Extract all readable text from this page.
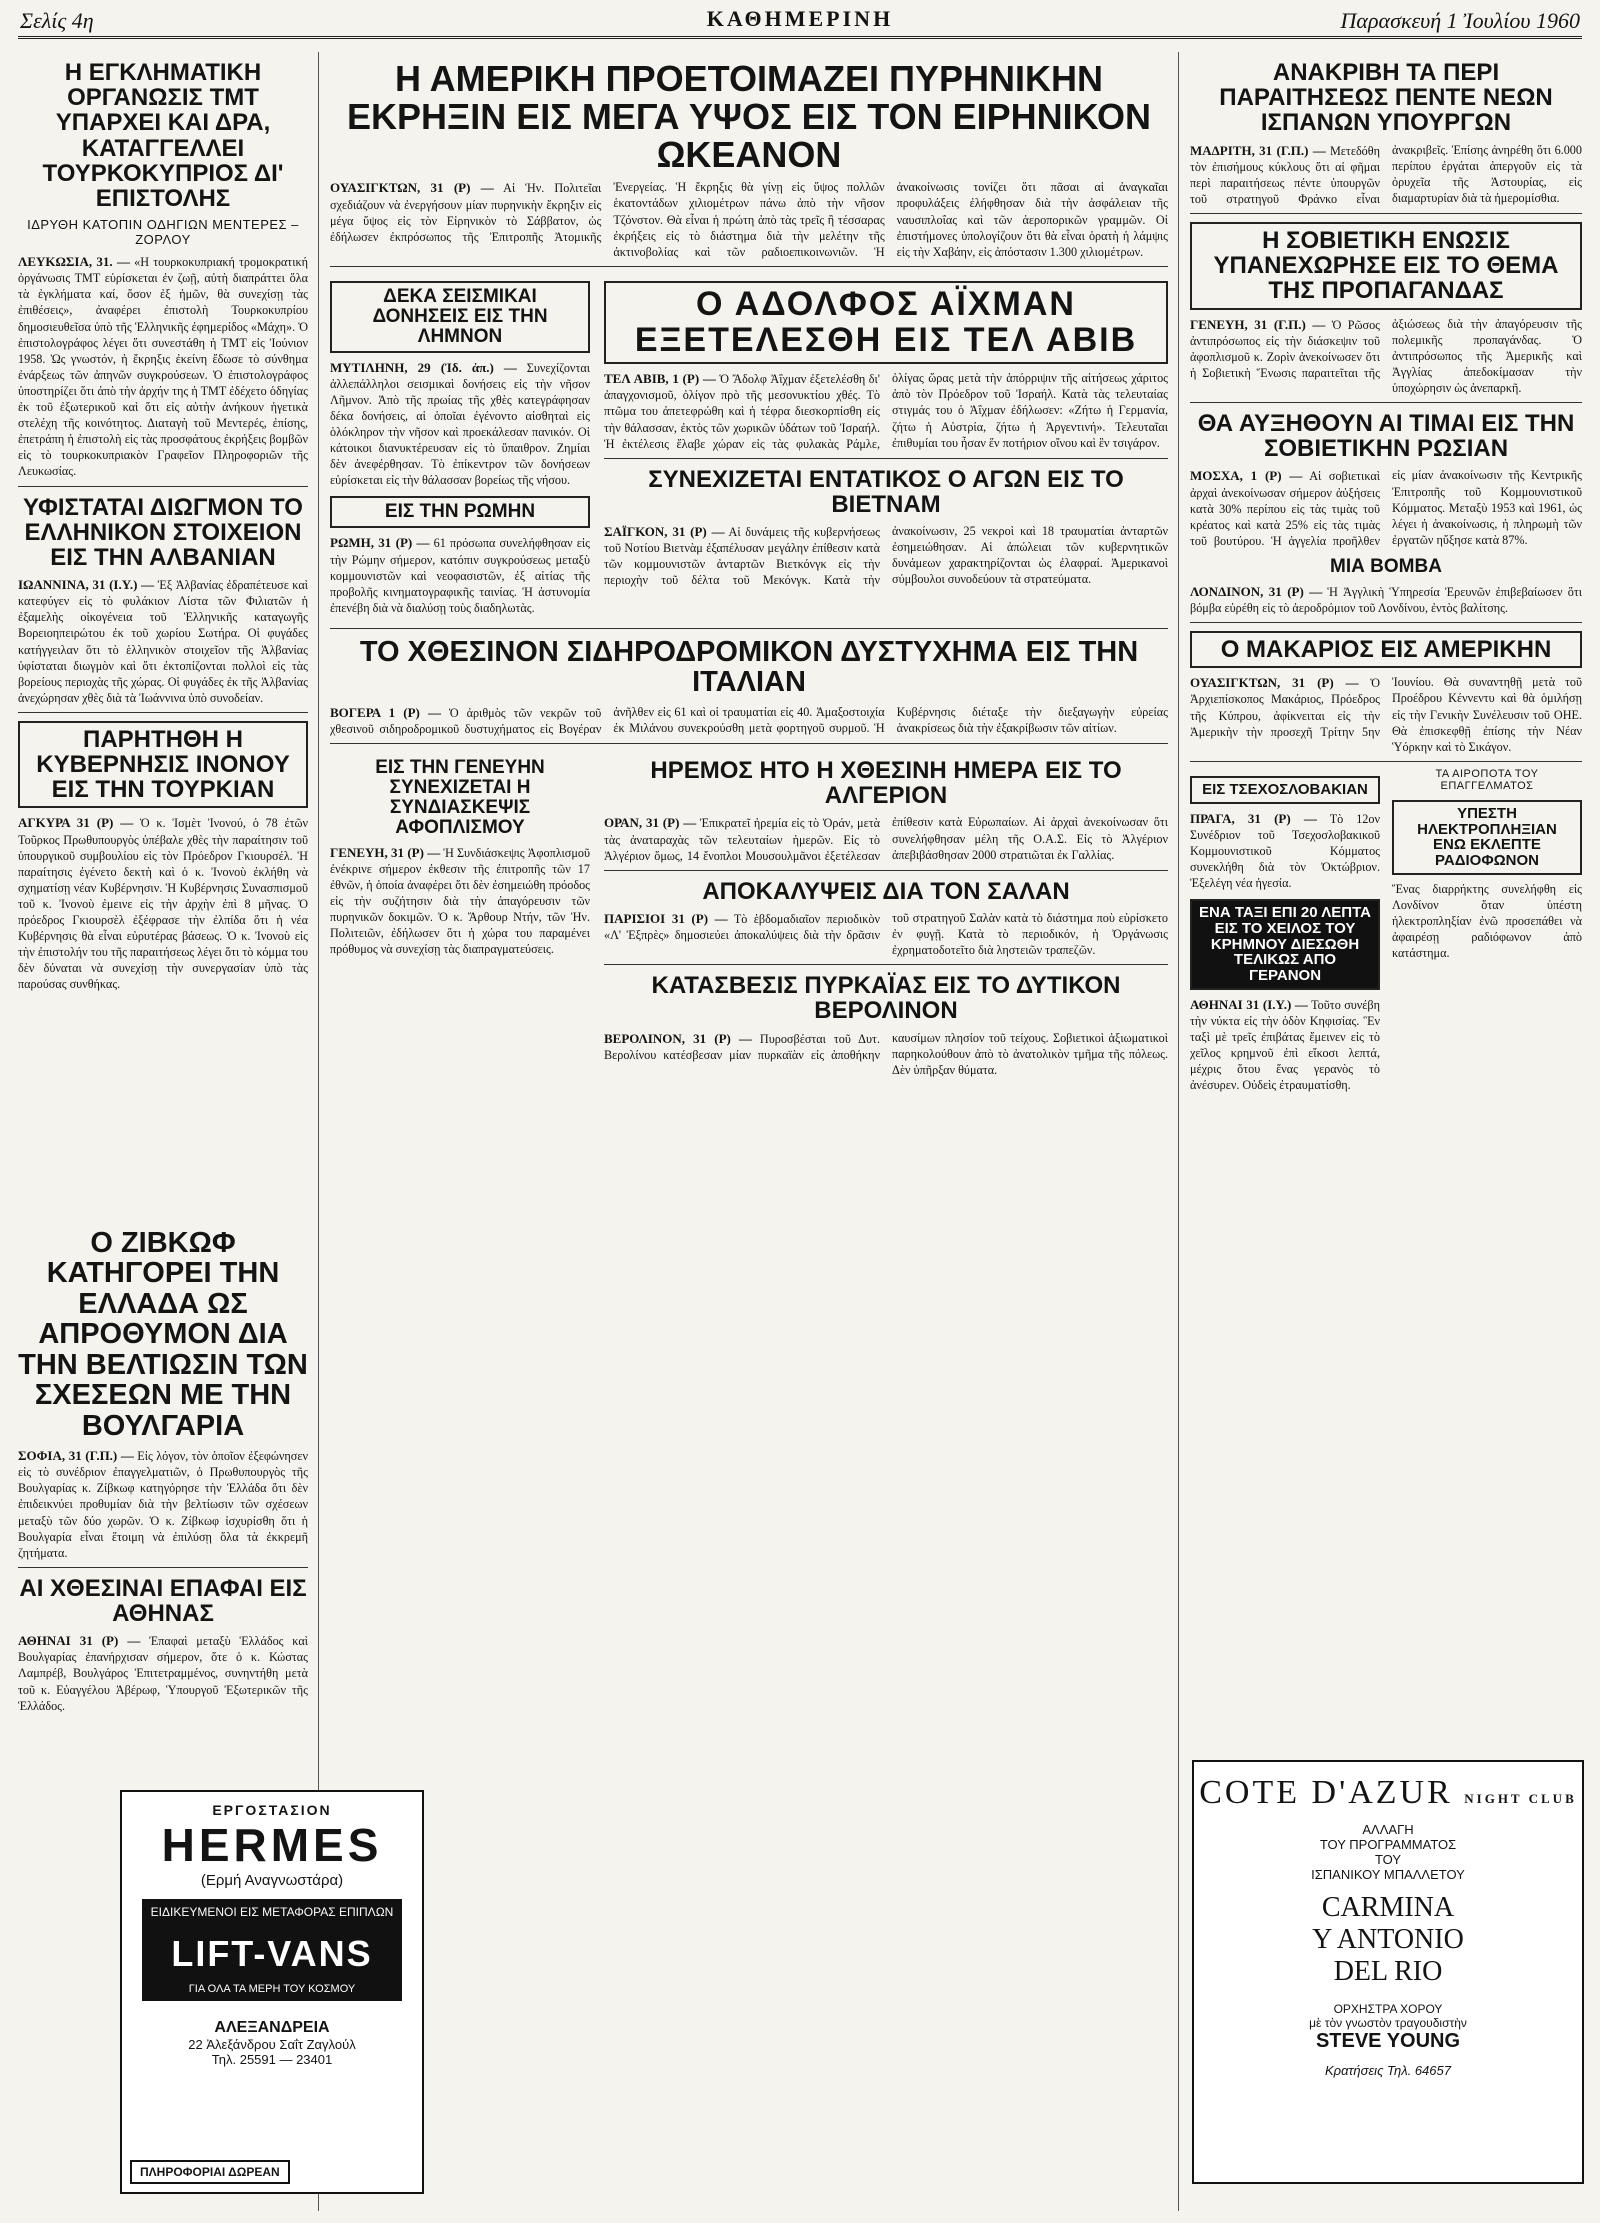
Σελίς 4η	ΚΑΘΗΜΕΡΙΝΗ	Παρασκευή 1 Ἰουλίου 1960
Η ΕΓΚΛΗΜΑΤΙΚΗ ΟΡΓΑΝΩΣΙΣ ΤΜΤ ΥΠΑΡΧΕΙ ΚΑΙ ΔΡΑ, ΚΑΤΑΓΓΕΛΛΕΙ ΤΟΥΡΚΟΚΥΠΡΙΟΣ ΔΙ' ΕΠΙΣΤΟΛΗΣ
ΙΔΡΥΘΗ ΚΑΤΟΠΙΝ ΟΔΗΓΙΩΝ ΜΕΝΤΕΡΕΣ – ΖΟΡΛΟΥ
ΛΕΥΚΩΣΙΑ, 31. — «Η τουρκοκυπριακή τρομοκρατική ὀργάνωσις ΤΜΤ εὑρίσκεται ἐν ζωῇ, αὐτὴ διαπράττει ὅλα τὰ ἐγκλήματα καί, ὅσον ἐξ ἡμῶν, θὰ συνεχίσῃ τὰς ἐπιθέσεις», ἀναφέρει ἐπιστολὴ Τουρκοκυπρίου δημοσιευθεῖσα ὑπὸ τῆς Ἑλληνικῆς ἐφημερίδος «Μάχη». Ὁ ἐπιστολογράφος λέγει ὅτι συνεστάθη ἡ ΤΜΤ εἰς Ἰούνιον 1958. Ὡς γνωστόν, ἡ ἔκρηξις ἐκείνη ἔδωσε τὸ σύνθημα ἐνάρξεως τῶν ἀπηνῶν συγκρούσεων. Ὁ ἐπιστολογράφος ὑποστηρίζει ὅτι ἀπὸ τὴν ἀρχήν της ἡ ΤΜΤ ἐδέχετο ὁδηγίας ἐκ τοῦ ἐξωτερικοῦ καὶ ὅτι εἰς αὐτὴν ἀνήκουν ἡγετικὰ στελέχη τῆς κοινότητος. Διαταγὴ τοῦ Μεντερές, ἐπίσης, ἐπετράπη ἡ ἐπιστολὴ εἰς τὰς προσφάτους ἐκρήξεις βομβῶν εἰς τὸ τουρκοκυπριακὸν Γραφεῖον Πληροφοριῶν τῆς Λευκωσίας.
ΥΦΙΣΤΑΤΑΙ ΔΙΩΓΜΟΝ ΤΟ ΕΛΛΗΝΙΚΟΝ ΣΤΟΙΧΕΙΟΝ ΕΙΣ ΤΗΝ ΑΛΒΑΝΙΑΝ
ΙΩΑΝΝΙΝΑ, 31 (Ι.Υ.) — Ἐξ Ἀλβανίας ἐδραπέτευσε καὶ κατεφύγεν εἰς τὸ φυλάκιον Λίστα τῶν Φιλιατῶν ἡ ἐξαμελὴς οἰκογένεια τοῦ Ἑλληνικῆς καταγωγῆς Βορειοηπειρώτου ἐκ τοῦ χωρίου Σωτήρα. Οἱ φυγάδες κατήγγειλαν ὅτι τὸ ἑλληνικὸν στοιχεῖον τῆς Ἀλβανίας ὑφίσταται διωγμὸν καὶ ὅτι ἐκτοπίζονται πολλοὶ εἰς τὰς βορείους περιοχὰς τῆς χώρας. Οἱ φυγάδες ἐκ τῆς Ἀλβανίας ἀνεχώρησαν χθὲς διὰ τὰ Ἰωάννινα ὑπὸ συνοδείαν.
ΠΑΡΗΤΗΘΗ Η ΚΥΒΕΡΝΗΣΙΣ ΙΝΟΝΟΥ ΕΙΣ ΤΗΝ ΤΟΥΡΚΙΑΝ
ΑΓΚΥΡΑ 31 (Ρ) — Ὁ κ. Ἰσμὲτ Ἰνονού, ὁ 78 ἐτῶν Τοῦρκος Πρωθυπουργὸς ὑπέβαλε χθὲς τὴν παραίτησιν τοῦ ὑπουργικοῦ συμβουλίου εἰς τὸν Πρόεδρον Γκιουρσέλ. Ἡ παραίτησις ἐγένετο δεκτὴ καὶ ὁ κ. Ἰνονοὺ ἐκλήθη νὰ σχηματίσῃ νέαν Κυβέρνησιν. Ἡ Κυβέρνησις Συνασπισμοῦ τοῦ κ. Ἰνονοὺ ἐμεινε εἰς τὴν ἀρχὴν ἐπὶ 8 μῆνας. Ὁ πρόεδρος Γκιουρσὲλ ἐξέφρασε τὴν ἐλπίδα ὅτι ἡ νέα Κυβέρνησις θὰ εἶναι εὐρυτέρας βάσεως. Ὁ κ. Ἰνονοὺ εἰς τὴν ἐπιστολήν του τῆς παραιτήσεως λέγει ὅτι τὸ κόμμα του δὲν δύναται νὰ συνεχίσῃ τὴν συνεργασίαν ὑπὸ τὰς παρούσας συνθήκας.
Ο ΖΙΒΚΩΦ ΚΑΤΗΓΟΡΕΙ ΤΗΝ ΕΛΛΑΔΑ ΩΣ ΑΠΡΟΘΥΜΟΝ ΔΙΑ ΤΗΝ ΒΕΛΤΙΩΣΙΝ ΤΩΝ ΣΧΕΣΕΩΝ ΜΕ ΤΗΝ ΒΟΥΛΓΑΡΙΑ
ΣΟΦΙΑ, 31 (Γ.Π.) — Εἰς λόγον, τὸν ὁποῖον ἐξεφώνησεν εἰς τὸ συνέδριον ἐπαγγελματιῶν, ὁ Πρωθυπουργὸς τῆς Βουλγαρίας κ. Ζίβκωφ κατηγόρησε τὴν Ἑλλάδα ὅτι δὲν ἐπιδεικνύει προθυμίαν διὰ τὴν βελτίωσιν τῶν σχέσεων μεταξὺ τῶν δύο χωρῶν. Ὁ κ. Ζίβκωφ ἰσχυρίσθη ὅτι ἡ Βουλγαρία εἶναι ἕτοιμη νὰ ἐπιλύσῃ ὅλα τὰ ἐκκρεμῆ ζητήματα.
ΑΙ ΧΘΕΣΙΝΑΙ ΕΠΑΦΑΙ ΕΙΣ ΑΘΗΝΑΣ
ΑΘΗΝΑΙ 31 (Ρ) — Ἐπαφαὶ μεταξὺ Ἑλλάδος καὶ Βουλγαρίας ἐπανήρχισαν σήμερον, ὅτε ὁ κ. Κώστας Λαμπρέβ, Βουλγάρος Ἐπιτετραμμένος, συνηντήθη μετὰ τοῦ κ. Εὐαγγέλου Ἀβέρωφ, Ὑπουργοῦ Ἐξωτερικῶν τῆς Ἑλλάδος.
ΕΡΓΟΣΤΑΣΙΟΝ
HERMES
(Ερμή Αναγνωστάρα)
ΕΙΔΙΚΕΥΜΕΝΟΙ ΕΙΣ ΜΕΤΑΦΟΡΑΣ ΕΠΙΠΛΩΝ
LIFT-VANS
ΓΙΑ ΟΛΑ ΤΑ ΜΕΡΗ ΤΟΥ ΚΟΣΜΟΥ
ΑΛΕΞΑΝΔΡΕΙΑ
22 Ἀλεξάνδρου Σαΐτ Ζαγλούλ
Τηλ. 25591 — 23401
ΠΛΗΡΟΦΟΡΙΑΙ ΔΩΡΕΑΝ
Η ΑΜΕΡΙΚΗ ΠΡΟΕΤΟΙΜΑΖΕΙ ΠΥΡΗΝΙΚΗΝ ΕΚΡΗΞΙΝ ΕΙΣ ΜΕΓΑ ΥΨΟΣ ΕΙΣ ΤΟΝ ΕΙΡΗΝΙΚΟΝ ΩΚΕΑΝΟΝ
ΟΥΑΣΙΓΚΤΩΝ, 31 (Ρ) — Αἱ Ἡν. Πολιτεῖαι σχεδιάζουν νὰ ἐνεργήσουν μίαν πυρηνικὴν ἔκρηξιν εἰς μέγα ὕψος εἰς τὸν Εἰρηνικὸν τὸ Σάββατον, ὡς ἐδήλωσεν ἐκπρόσωπος τῆς Ἐπιτροπῆς Ἀτομικῆς Ἐνεργείας. Ἡ ἔκρηξις θὰ γίνῃ εἰς ὕψος πολλῶν ἑκατοντάδων χιλιομέτρων πάνω ἀπὸ τὴν νῆσον Τζόνστον. Θὰ εἶναι ἡ πρώτη ἀπὸ τὰς τρεῖς ἢ τέσσαρας ἐκρήξεις εἰς τὸ διάστημα διὰ τὴν μελέτην τῆς ἀκτινοβολίας καὶ τῶν ραδιοεπικοινωνιῶν. Ἡ ἀνακοίνωσις τονίζει ὅτι πᾶσαι αἱ ἀναγκαῖαι προφυλάξεις ἐλήφθησαν διὰ τὴν ἀσφάλειαν τῆς ναυσιπλοΐας καὶ τῶν ἀεροπορικῶν γραμμῶν. Οἱ ἐπιστήμονες ὑπολογίζουν ὅτι θὰ εἶναι ὁρατὴ ἡ λάμψις εἰς τὴν Χαβάην, εἰς ἀπόστασιν 1.300 χιλιομέτρων.
ΔΕΚΑ ΣΕΙΣΜΙΚΑΙ ΔΟΝΗΣΕΙΣ ΕΙΣ ΤΗΝ ΛΗΜΝΟΝ
ΜΥΤΙΛΗΝΗ, 29 (Ἰδ. ἀπ.) — Συνεχίζονται ἀλλεπάλληλοι σεισμικαὶ δονήσεις εἰς τὴν νῆσον Λῆμνον. Ἀπὸ τῆς πρωίας τῆς χθὲς κατεγράφησαν δέκα δονήσεις, αἱ ὁποῖαι ἐγένοντο αἰσθηταὶ εἰς ὁλόκληρον τὴν νῆσον καὶ προεκάλεσαν πανικόν. Οἱ κάτοικοι διανυκτέρευσαν εἰς τὸ ὕπαιθρον. Ζημίαι δὲν ἀνεφέρθησαν. Τὸ ἐπίκεντρον τῶν δονήσεων εὑρίσκεται εἰς τὴν θάλασσαν βορείως τῆς νήσου.
ΕΙΣ ΤΗΝ ΡΩΜΗΝ
ΡΩΜΗ, 31 (Ρ) — 61 πρόσωπα συνελήφθησαν εἰς τὴν Ρώμην σήμερον, κατόπιν συγκρούσεως μεταξὺ κομμουνιστῶν καὶ νεοφασιστῶν, ἐξ αἰτίας τῆς προβολῆς κινηματογραφικῆς ταινίας. Ἡ ἀστυνομία ἐπενέβη διὰ νὰ διαλύσῃ τοὺς διαδηλωτὰς.
Ο ΑΔΟΛΦΟΣ ΑΪΧΜΑΝ ΕΞΕΤΕΛΕΣΘΗ ΕΙΣ ΤΕΛ ΑΒΙΒ
ΤΕΛ ΑΒΙΒ, 1 (Ρ) — Ὁ Ἄδολφ Ἀΐχμαν ἐξετελέσθη δι' ἀπαγχονισμοῦ, ὀλίγον πρὸ τῆς μεσονυκτίου χθές. Τὸ πτῶμα του ἀπετεφρώθη καὶ ἡ τέφρα διεσκορπίσθη εἰς τὴν θάλασσαν, ἐκτὸς τῶν χωρικῶν ὑδάτων τοῦ Ἰσραήλ. Ἡ ἐκτέλεσις ἔλαβε χώραν εἰς τὰς φυλακὰς Ράμλε, ὀλίγας ὥρας μετὰ τὴν ἀπόρριψιν τῆς αἰτήσεως χάριτος ἀπὸ τὸν Πρόεδρον τοῦ Ἰσραήλ. Κατὰ τὰς τελευταίας στιγμάς του ὁ Ἀΐχμαν ἐδήλωσεν: «Ζήτω ἡ Γερμανία, ζήτω ἡ Αὐστρία, ζήτω ἡ Ἀργεντινή». Τελευταῖαι ἐπιθυμίαι του ἦσαν ἕν ποτήριον οἴνου καὶ ἓν τσιγάρον.
ΣΥΝΕΧΙΖΕΤΑΙ ΕΝΤΑΤΙΚΟΣ Ο ΑΓΩΝ ΕΙΣ ΤΟ ΒΙΕΤΝΑΜ
ΣΑΪΓΚΟΝ, 31 (Ρ) — Αἱ δυνάμεις τῆς κυβερνήσεως τοῦ Νοτίου Βιετνὰμ ἐξαπέλυσαν μεγάλην ἐπίθεσιν κατὰ τῶν κομμουνιστῶν ἀνταρτῶν Βιετκόνγκ εἰς τὴν περιοχὴν τοῦ δέλτα τοῦ Μεκόνγκ. Κατὰ τὴν ἀνακοίνωσιν, 25 νεκροὶ καὶ 18 τραυματίαι ἀνταρτῶν ἐσημειώθησαν. Αἱ ἀπώλειαι τῶν κυβερνητικῶν δυνάμεων χαρακτηρίζονται ὡς ἐλαφραί. Ἀμερικανοὶ σύμβουλοι συνοδεύουν τὰ στρατεύματα.
ΤΟ ΧΘΕΣΙΝΟΝ ΣΙΔΗΡΟΔΡΟΜΙΚΟΝ ΔΥΣΤΥΧΗΜΑ ΕΙΣ ΤΗΝ ΙΤΑΛΙΑΝ
ΒΟΓΕΡΑ 1 (Ρ) — Ὁ ἀριθμὸς τῶν νεκρῶν τοῦ χθεσινοῦ σιδηροδρομικοῦ δυστυχήματος εἰς Βογέραν ἀνῆλθεν εἰς 61 καὶ οἱ τραυματίαι εἰς 40. Ἀμαξοστοιχία ἐκ Μιλάνου συνεκρούσθη μετὰ φορτηγοῦ συρμοῦ. Ἡ Κυβέρνησις διέταξε τὴν διεξαγωγὴν εὐρείας ἀνακρίσεως διὰ τὴν ἐξακρίβωσιν τῶν αἰτίων.
ΕΙΣ ΤΗΝ ΓΕΝΕΥΗΝ ΣΥΝΕΧΙΖΕΤΑΙ Η ΣΥΝΔΙΑΣΚΕΨΙΣ ΑΦΟΠΛΙΣΜΟΥ
ΓΕΝΕΥΗ, 31 (Ρ) — Ἡ Συνδιάσκεψις Ἀφοπλισμοῦ ἐνέκρινε σήμερον ἐκθεσιν τῆς ἐπιτροπῆς τῶν 17 ἐθνῶν, ἡ ὁποία ἀναφέρει ὅτι δὲν ἐσημειώθη πρόοδος εἰς τὴν συζήτησιν διὰ τὴν ἀπαγόρευσιν τῶν πυρηνικῶν δοκιμῶν. Ὁ κ. Ἄρθουρ Ντήν, τῶν Ἡν. Πολιτειῶν, ἐδήλωσεν ὅτι ἡ χώρα του παραμένει πρόθυμος νὰ συνεχίσῃ τὰς διαπραγματεύσεις.
ΗΡΕΜΟΣ ΗΤΟ Η ΧΘΕΣΙΝΗ ΗΜΕΡΑ ΕΙΣ ΤΟ ΑΛΓΕΡΙΟΝ
ΟΡΑΝ, 31 (Ρ) — Ἐπικρατεῖ ἠρεμία εἰς τὸ Ὀράν, μετὰ τὰς ἀναταραχὰς τῶν τελευταίων ἡμερῶν. Εἰς τὸ Ἀλγέριον ὅμως, 14 ἔνοπλοι Μουσουλμᾶνοι ἐξετέλεσαν ἐπίθεσιν κατὰ Εὐρωπαίων. Αἱ ἀρχαὶ ἀνεκοίνωσαν ὅτι συνελήφθησαν μέλη τῆς Ο.Α.Σ. Εἰς τὸ Ἀλγέριον ἀπεβιβάσθησαν 2000 στρατιῶται ἐκ Γαλλίας.
ΑΠΟΚΑΛΥΨΕΙΣ ΔΙΑ ΤΟΝ ΣΑΛΑΝ
ΠΑΡΙΣΙΟΙ 31 (Ρ) — Τὸ ἑβδομαδιαῖον περιοδικὸν «Λ' Ἐξπρὲς» δημοσιεύει ἀποκαλύψεις διὰ τὴν δρᾶσιν τοῦ στρατηγοῦ Σαλὰν κατὰ τὸ διάστημα ποὺ εὑρίσκετο ἐν φυγῇ. Κατὰ τὸ περιοδικόν, ἡ Ὀργάνωσις ἐχρηματοδοτεῖτο διὰ ληστειῶν τραπεζῶν.
ΚΑΤΑΣΒΕΣΙΣ ΠΥΡΚΑΪΑΣ ΕΙΣ ΤΟ ΔΥΤΙΚΟΝ ΒΕΡΟΛΙΝΟΝ
ΒΕΡΟΛΙΝΟΝ, 31 (Ρ) — Πυροσβέσται τοῦ Δυτ. Βερολίνου κατέσβεσαν μίαν πυρκαϊὰν εἰς ἀποθήκην καυσίμων πλησίον τοῦ τείχους. Σοβιετικοὶ ἀξιωματικοὶ παρηκολούθουν ἀπὸ τὸ ἀνατολικὸν τμῆμα τῆς πόλεως. Δὲν ὑπῆρξαν θύματα.
ΑΝΑΚΡΙΒΗ ΤΑ ΠΕΡΙ ΠΑΡΑΙΤΗΣΕΩΣ ΠΕΝΤΕ ΝΕΩΝ ΙΣΠΑΝΩΝ ΥΠΟΥΡΓΩΝ
ΜΑΔΡΙΤΗ, 31 (Γ.Π.) — Μετεδόθη τὸν ἐπισήμους κύκλους ὅτι αἱ φῆμαι περὶ παραιτήσεως πέντε ὑπουργῶν τοῦ στρατηγοῦ Φράνκο εἶναι ἀνακριβεῖς. Ἐπίσης ἀνηρέθη ὅτι 6.000 περίπου ἐργάται ἀπεργοῦν εἰς τὰ ὀρυχεῖα τῆς Ἀστουρίας, εἰς διαμαρτυρίαν διὰ τὰ ἡμερομίσθια.
Η ΣΟΒΙΕΤΙΚΗ ΕΝΩΣΙΣ ΥΠΑΝΕΧΩΡΗΣΕ ΕΙΣ ΤΟ ΘΕΜΑ ΤΗΣ ΠΡΟΠΑΓΑΝΔΑΣ
ΓΕΝΕΥΗ, 31 (Γ.Π.) — Ὁ Ρῶσος ἀντιπρόσωπος εἰς τὴν διάσκεψιν τοῦ ἀφοπλισμοῦ κ. Ζορὶν ἀνεκοίνωσεν ὅτι ἡ Σοβιετικὴ Ἕνωσις παραιτεῖται τῆς ἀξιώσεως διὰ τὴν ἀπαγόρευσιν τῆς πολεμικῆς προπαγάνδας. Ὁ ἀντιπρόσωπος τῆς Ἀμερικῆς καὶ Ἀγγλίας ἀπεδοκίμασαν τὴν ὑποχώρησιν ὡς ἀνεπαρκῆ.
ΘΑ ΑΥΞΗΘΟΥΝ ΑΙ ΤΙΜΑΙ ΕΙΣ ΤΗΝ ΣΟΒΙΕΤΙΚΗΝ ΡΩΣΙΑΝ
ΜΟΣΧΑ, 1 (Ρ) — Αἱ σοβιετικαὶ ἀρχαὶ ἀνεκοίνωσαν σήμερον ἀὐξήσεις κατὰ 30% περίπου εἰς τὰς τιμὰς τοῦ κρέατος καὶ κατὰ 25% εἰς τὰς τιμὰς τοῦ βουτύρου. Ἡ ἀγγελία προῆλθεν εἰς μίαν ἀνακοίνωσιν τῆς Κεντρικῆς Ἐπιτροπῆς τοῦ Κομμουνιστικοῦ Κόμματος. Μεταξὺ 1953 καὶ 1961, ὡς λέγει ἡ ἀνακοίνωσις, ἡ πληρωμὴ τῶν ἐργατῶν ηὔξησε κατὰ 87%.
ΜΙΑ ΒΟΜΒΑ
ΛΟΝΔΙΝΟΝ, 31 (Ρ) — Ἡ Ἀγγλικὴ Ὑπηρεσία Ἐρευνῶν ἐπιβεβαίωσεν ὅτι βόμβα εὑρέθη εἰς τὸ ἀεροδρόμιον τοῦ Λονδίνου, ἐντὸς βαλίτσης.
Ο ΜΑΚΑΡΙΟΣ ΕΙΣ ΑΜΕΡΙΚΗΝ
ΟΥΑΣΙΓΚΤΩΝ, 31 (Ρ) — Ὁ Ἀρχιεπίσκοπος Μακάριος, Πρόεδρος τῆς Κύπρου, ἀφίκνειται εἰς τὴν Ἀμερικὴν τὴν προσεχῆ Τρίτην 5ην Ἰουνίου. Θὰ συναντηθῇ μετὰ τοῦ Προέδρου Κέννεντυ καὶ θὰ ὁμιλήσῃ εἰς τὴν Γενικὴν Συνέλευσιν τοῦ ΟΗΕ. Θὰ ἐπισκεφθῇ ἐπίσης τὴν Νέαν Ὑόρκην καὶ τὸ Σικάγον.
ΕΙΣ ΤΣΕΧΟΣΛΟΒΑΚΙΑΝ
ΠΡΑΓΑ, 31 (Ρ) — Τὸ 12ον Συνέδριον τοῦ Τσεχοσλοβακικοῦ Κομμουνιστικοῦ Κόμματος συνεκλήθη διὰ τὸν Ὀκτώβριον. Ἐξελέγη νέα ἡγεσία.
ΕΝΑ ΤΑΞΙ ΕΠΙ 20 ΛΕΠΤΑ ΕΙΣ ΤΟ ΧΕΙΛΟΣ ΤΟΥ ΚΡΗΜΝΟΥ ΔΙΕΣΩΘΗ ΤΕΛΙΚΩΣ ΑΠΟ ΓΕΡΑΝΟΝ
ΑΘΗΝΑΙ 31 (Ι.Υ.) — Τοῦτο συνέβη τὴν νύκτα εἰς τὴν ὁδὸν Κηφισίας. Ἓν ταξὶ μὲ τρεῖς ἐπιβάτας ἔμεινεν εἰς τὸ χεῖλος κρημνοῦ ἐπὶ εἴκοσι λεπτά, μέχρις ὅτου ἕνας γερανὸς τὸ ἀνέσυρεν. Οὐδεὶς ἐτραυματίσθη.
ΤΑ ΑΙΡΟΠΟΤΑ ΤΟΥ ΕΠΑΓΓΕΛΜΑΤΟΣ
ΥΠΕΣΤΗ ΗΛΕΚΤΡΟΠΛΗΞΙΑΝ ΕΝΩ ΕΚΛΕΠΤΕ ΡΑΔΙΟΦΩΝΟΝ
Ἕνας διαρρήκτης συνελήφθη εἰς Λονδίνον ὅταν ὑπέστη ἠλεκτροπληξίαν ἐνῶ προσεπάθει νὰ ἀφαιρέσῃ ραδιόφωνον ἀπὸ κατάστημα.
COTE D'AZUR NIGHT CLUB
ΑΛΛΑΓΗ
ΤΟΥ ΠΡΟΓΡΑΜΜΑΤΟΣ
ΤΟΥ
ΙΣΠΑΝΙΚΟΥ ΜΠΑΛΛΕΤΟΥ
CARMINA
Y ANTONIO
DEL RIO
ΟΡΧΗΣΤΡΑ ΧΟΡΟΥ
μὲ τὸν γνωστὸν τραγουδιστὴν
STEVE YOUNG
Κρατήσεις Τηλ. 64657
